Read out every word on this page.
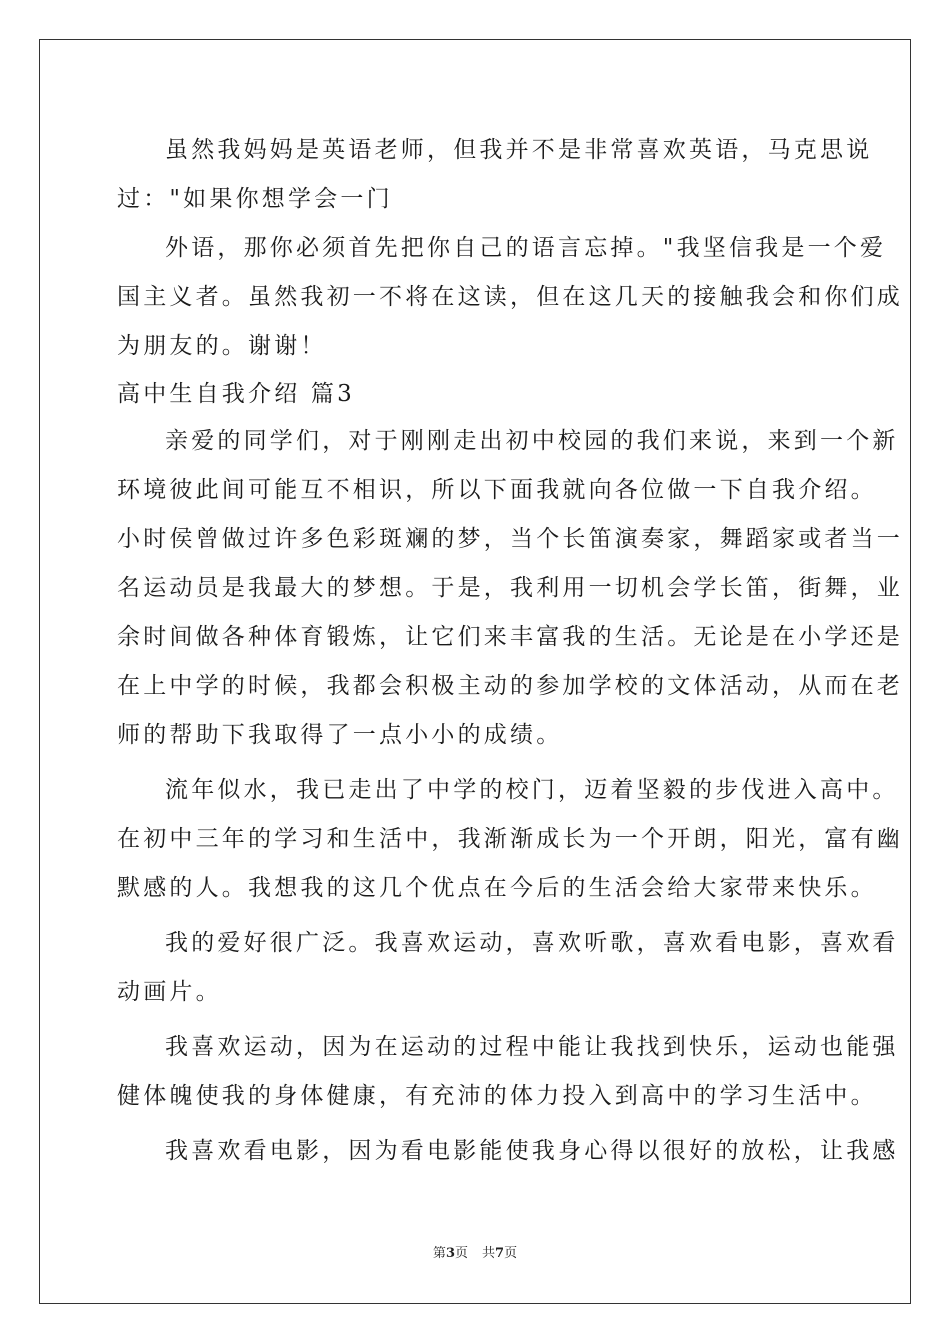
虽然我妈妈是英语老师，但我并不是非常喜欢英语，马克思说
过："如果你想学会一门
外语，那你必须首先把你自己的语言忘掉。"我坚信我是一个爱
国主义者。虽然我初一不将在这读，但在这几天的接触我会和你们成
为朋友的。谢谢！
高中生自我介绍 篇3
亲爱的同学们，对于刚刚走出初中校园的我们来说，来到一个新
环境彼此间可能互不相识，所以下面我就向各位做一下自我介绍。
小时侯曾做过许多色彩斑斓的梦，当个长笛演奏家，舞蹈家或者当一
名运动员是我最大的梦想。于是，我利用一切机会学长笛，街舞，业
余时间做各种体育锻炼，让它们来丰富我的生活。无论是在小学还是
在上中学的时候，我都会积极主动的参加学校的文体活动，从而在老
师的帮助下我取得了一点小小的成绩。
流年似水，我已走出了中学的校门，迈着坚毅的步伐进入高中。
在初中三年的学习和生活中，我渐渐成长为一个开朗，阳光，富有幽
默感的人。我想我的这几个优点在今后的生活会给大家带来快乐。
我的爱好很广泛。我喜欢运动，喜欢听歌，喜欢看电影，喜欢看
动画片。
我喜欢运动，因为在运动的过程中能让我找到快乐，运动也能强
健体魄使我的身体健康，有充沛的体力投入到高中的学习生活中。
我喜欢看电影，因为看电影能使我身心得以很好的放松，让我感
第3页 共7页
